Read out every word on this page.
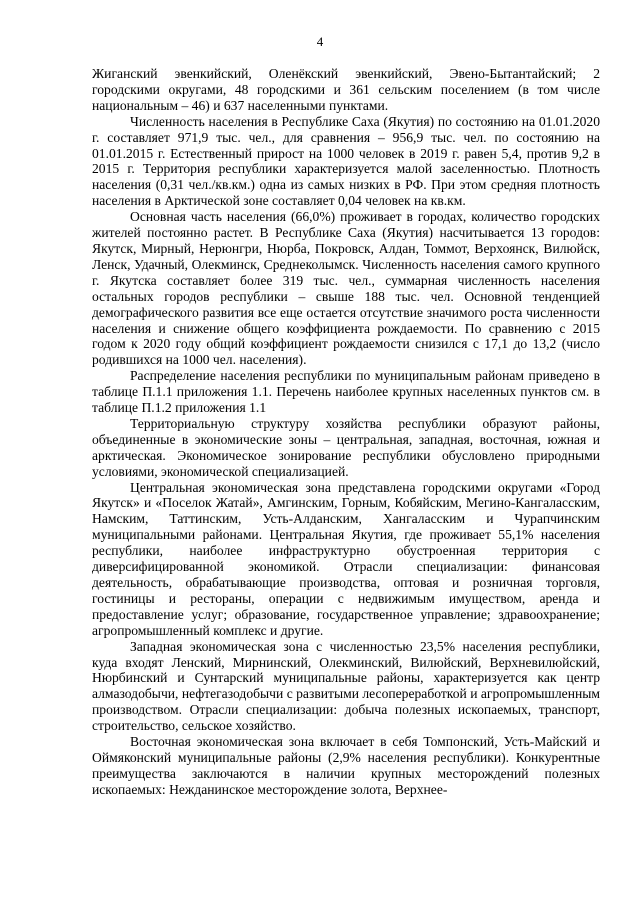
4

Жиганский эвенкийский, Оленёкский эвенкийский, Эвено-Бытантайский; 2 городскими округами, 48 городскими и 361 сельским поселением (в том числе национальным – 46) и 637 населенными пунктами.

Численность населения в Республике Саха (Якутия) по состоянию на 01.01.2020 г. составляет 971,9 тыс. чел., для сравнения – 956,9 тыс. чел. по состоянию на 01.01.2015 г. Естественный прирост на 1000 человек в 2019 г. равен 5,4, против 9,2 в 2015 г. Территория республики характеризуется малой заселенностью. Плотность населения (0,31 чел./кв.км.) одна из самых низких в РФ. При этом средняя плотность населения в Арктической зоне составляет 0,04 человек на кв.км.

Основная часть населения (66,0%) проживает в городах, количество городских жителей постоянно растет. В Республике Саха (Якутия) насчитывается 13 городов: Якутск, Мирный, Нерюнгри, Нюрба, Покровск, Алдан, Томмот, Верхоянск, Вилюйск, Ленск, Удачный, Олекминск, Среднеколымск. Численность населения самого крупного г. Якутска составляет более 319 тыс. чел., суммарная численность населения остальных городов республики – свыше 188 тыс. чел. Основной тенденцией демографического развития все еще остается отсутствие значимого роста численности населения и снижение общего коэффициента рождаемости. По сравнению с 2015 годом к 2020 году общий коэффициент рождаемости снизился с 17,1 до 13,2 (число родившихся на 1000 чел. населения).

Распределение населения республики по муниципальным районам приведено в таблице П.1.1 приложения 1.1. Перечень наиболее крупных населенных пунктов см. в таблице П.1.2 приложения 1.1

Территориальную структуру хозяйства республики образуют районы, объединенные в экономические зоны – центральная, западная, восточная, южная и арктическая. Экономическое зонирование республики обусловлено природными условиями, экономической специализацией.

Центральная экономическая зона представлена городскими округами «Город Якутск» и «Поселок Жатай», Амгинским, Горным, Кобяйским, Мегино-Кангаласским, Намским, Таттинским, Усть-Алданским, Хангаласским и Чурапчинским муниципальными районами. Центральная Якутия, где проживает 55,1% населения республики, наиболее инфраструктурно обустроенная территория с диверсифицированной экономикой. Отрасли специализации: финансовая деятельность, обрабатывающие производства, оптовая и розничная торговля, гостиницы и рестораны, операции с недвижимым имуществом, аренда и предоставление услуг; образование, государственное управление; здравоохранение; агропромышленный комплекс и другие.

Западная экономическая зона с численностью 23,5% населения республики, куда входят Ленский, Мирнинский, Олекминский, Вилюйский, Верхневилюйский, Нюрбинский и Сунтарский муниципальные районы, характеризуется как центр алмазодобычи, нефтегазодобычи с развитыми лесопереработкой и агропромышленным производством. Отрасли специализации: добыча полезных ископаемых, транспорт, строительство, сельское хозяйство.

Восточная экономическая зона включает в себя Томпонский, Усть-Майский и Оймяконский муниципальные районы (2,9% населения республики). Конкурентные преимущества заключаются в наличии крупных месторождений полезных ископаемых: Нежданинское месторождение золота, Верхнее-
